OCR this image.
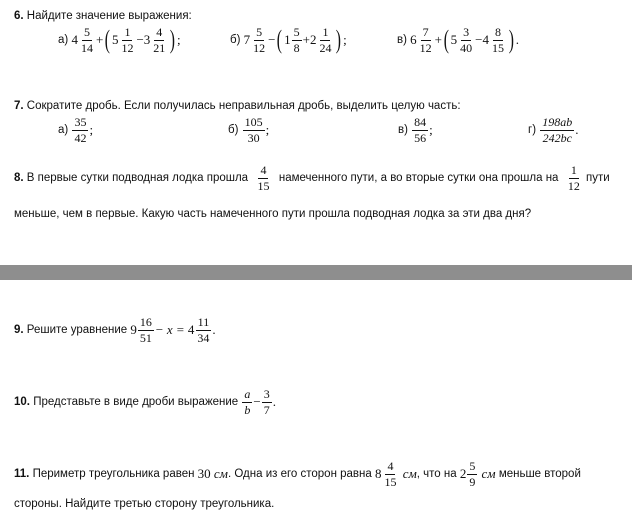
6. Найдите значение выражения:
а)
4
5
14
+ ( 5
1
12
− 3
4
21 ) ;	б)
7
5
12
− ( 1
5
8
+ 2
1
24 ) ;	в)
6
7
12
+ ( 5
3
40
− 4
8
15 ) .
7. Сократите дробь. Если получилась неправильная дробь, выделить целую часть:
а)

35
42
;	б)

105
30
;	в)

84
56
;	г)

198ab
242bc
.
8.
В первые сутки подводная лодка прошла

4
15

намеченного пути, а во вторые сутки она прошла на

1
12

пути
меньше, чем в первые. Какую часть намеченного пути прошла подводная лодка за эти два дня?
9.
Решите уравнение
9
16
51
− x =
4
11
34
.
10.
Представьте в виде дроби выражение

a
b
− $\frac{3}{7}$ .
11.
Периметр треугольника равен
30
см . Одна из его сторон равна
8
4
15

см , что на
2
5
9

см
меньше второй
стороны. Найдите третью сторону треугольника.
